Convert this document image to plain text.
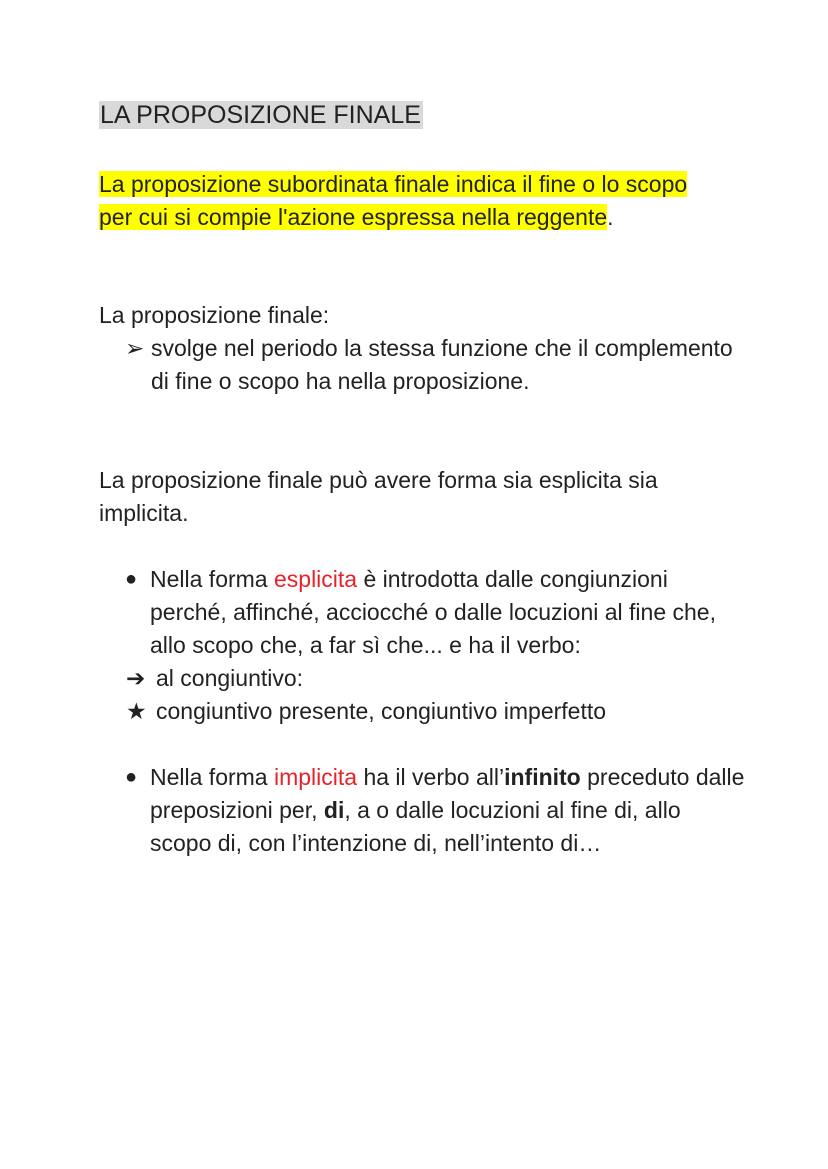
LA PROPOSIZIONE FINALE
La proposizione subordinata finale indica il fine o lo scopo per cui si compie l'azione espressa nella reggente.
La proposizione finale:
➢ svolge nel periodo la stessa funzione che il complemento di fine o scopo ha nella proposizione.
La proposizione finale può avere forma sia esplicita sia implicita.
● Nella forma esplicita è introdotta dalle congiunzioni perché, affinché, acciocché o dalle locuzioni al fine che, allo scopo che, a far sì che... e ha il verbo:
➔ al congiuntivo:
★ congiuntivo presente, congiuntivo imperfetto
● Nella forma implicita ha il verbo all’infinito preceduto dalle preposizioni per, di, a o dalle locuzioni al fine di, allo scopo di, con l’intenzione di, nell’intento di…
